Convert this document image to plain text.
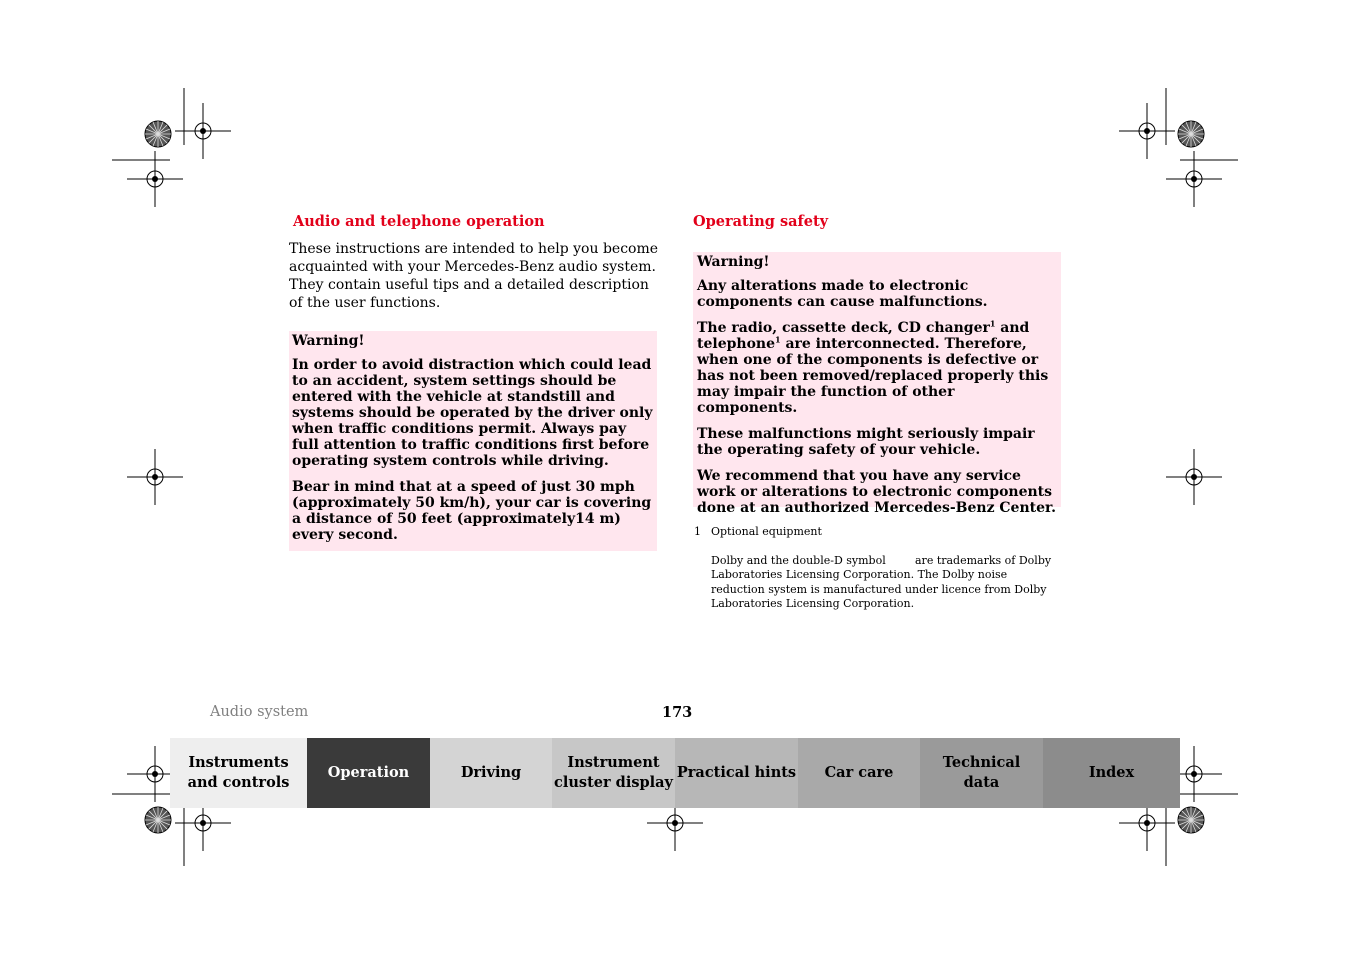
Audio and telephone operation
These instructions are intended to help you become acquainted with your Mercedes-Benz audio system. They contain useful tips and a detailed description of the user functions.

Warning!

In order to avoid distraction which could lead to an accident, system settings should be entered with the vehicle at standstill and systems should be operated by the driver only when traffic conditions permit. Always pay full attention to traffic conditions first before operating system controls while driving.

Bear in mind that at a speed of just 30 mph (approximately 50 km/h), your car is covering a distance of 50 feet (approximately14 m) every second.

Operating safety

Warning!

Any alterations made to electronic components can cause malfunctions.

The radio, cassette deck, CD changer$^1$ and telephone$^1$ are interconnected. Therefore, when one of the components is defective or has not been removed/replaced properly this may impair the function of other components.

These malfunctions might seriously impair the operating safety of your vehicle.

We recommend that you have any service work or alterations to electronic components done at an authorized Mercedes-Benz Center.

1 Optional equipment
Dolby and the double-D symbol	are trademarks of Dolby
Laboratories Licensing Corporation. The Dolby noise reduction system is manufactured under licence from Dolby Laboratories Licensing Corporation.
Audio system	173
Instruments
and controls
Operation	Driving
Instrument
cluster display
Practical hints Car care
Technical
data
Index
